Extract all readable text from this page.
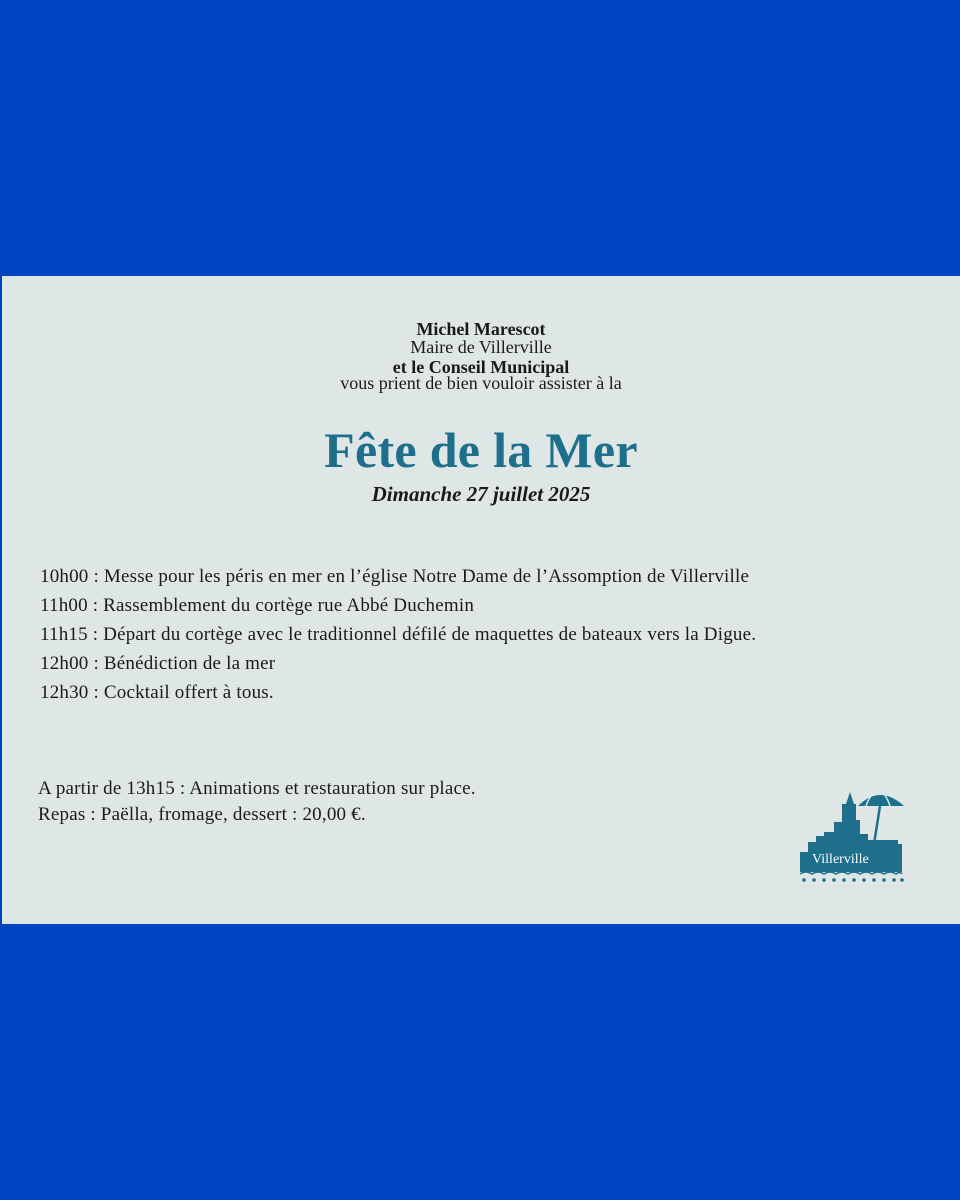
Michel Marescot
Maire de Villerville
et le Conseil Municipal
vous prient de bien vouloir assister à la
Fête de la Mer
Dimanche 27 juillet 2025
10h00 : Messe pour les péris en mer en l’église Notre Dame de l’Assomption de Villerville
11h00 : Rassemblement du cortège rue Abbé Duchemin
11h15 : Départ du cortège avec le traditionnel défilé de maquettes de bateaux vers la Digue.
12h00 : Bénédiction de la mer
12h30 : Cocktail offert à tous.
A partir de 13h15 : Animations et restauration sur place.
Repas : Paëlla, fromage, dessert : 20,00 €.
Villerville
